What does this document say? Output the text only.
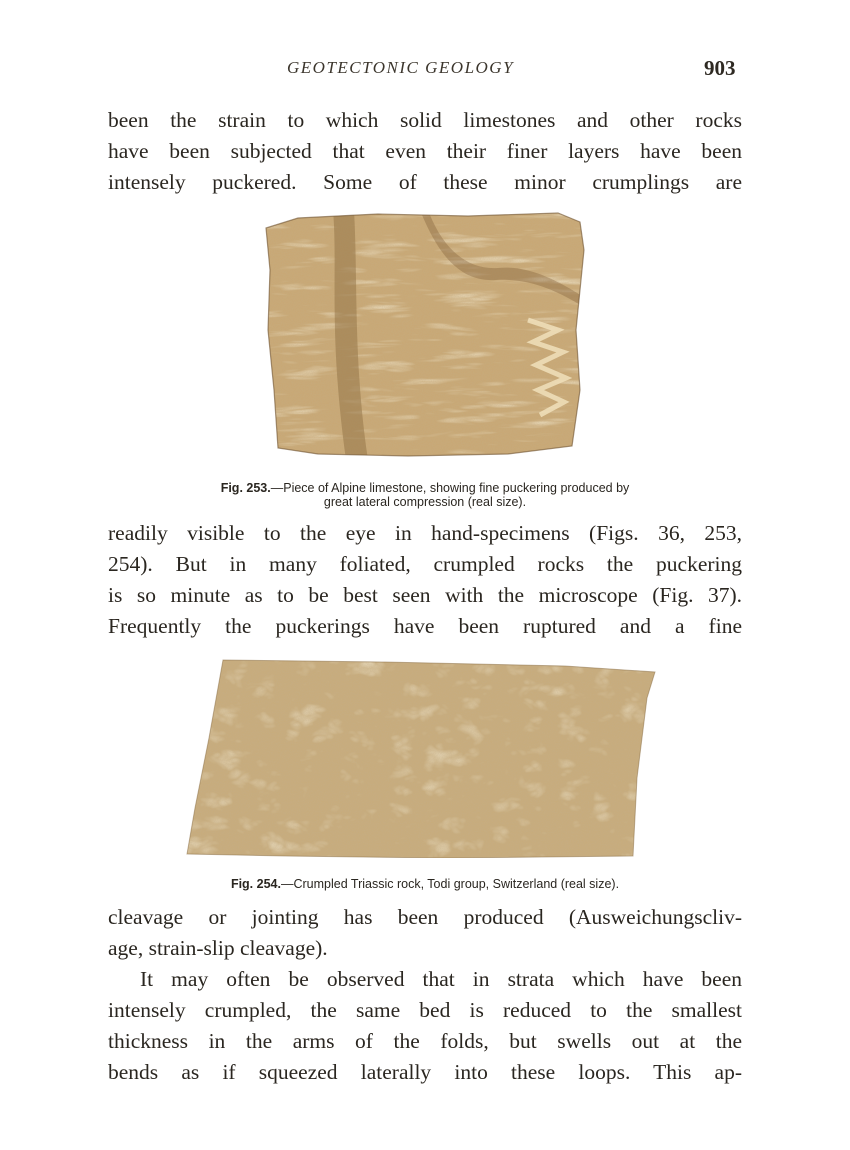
GEOTECTONIC GEOLOGY	903
been the strain to which solid limestones and other rocks
have been subjected that even their finer layers have been
intensely puckered. Some of these minor crumplings are
Fig. 253.—Piece of Alpine limestone, showing fine puckering produced by
great lateral compression (real size).
readily visible to the eye in hand-specimens (Figs. 36, 253,
254). But in many foliated, crumpled rocks the puckering
is so minute as to be best seen with the microscope (Fig. 37).
Frequently the puckerings have been ruptured and a fine
Fig. 254.—Crumpled Triassic rock, Todi group, Switzerland (real size).
cleavage or jointing has been produced (Ausweichungscliv-
age, strain-slip cleavage).
It may often be observed that in strata which have been
intensely crumpled, the same bed is reduced to the smallest
thickness in the arms of the folds, but swells out at the
bends as if squeezed laterally into these loops. This ap-
